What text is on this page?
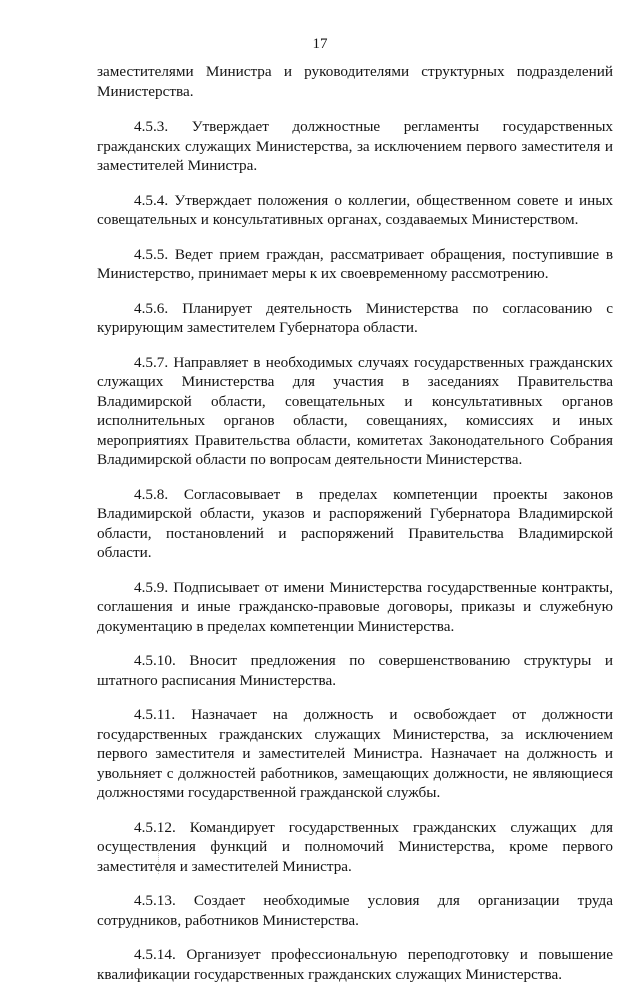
17

заместителями Министра и руководителями структурных подразделений Министерства.

4.5.3. Утверждает должностные регламенты государственных гражданских служащих Министерства, за исключением первого заместителя и заместителей Министра.

4.5.4. Утверждает положения о коллегии, общественном совете и иных совещательных и консультативных органах, создаваемых Министерством.

4.5.5. Ведет прием граждан, рассматривает обращения, поступившие в Министерство, принимает меры к их своевременному рассмотрению.

4.5.6. Планирует деятельность Министерства по согласованию с курирующим заместителем Губернатора области.

4.5.7. Направляет в необходимых случаях государственных гражданских служащих Министерства для участия в заседаниях Правительства Владимирской области, совещательных и консультативных органов исполнительных органов области, совещаниях, комиссиях и иных мероприятиях Правительства области, комитетах Законодательного Собрания Владимирской области по вопросам деятельности Министерства.

4.5.8. Согласовывает в пределах компетенции проекты законов Владимирской области, указов и распоряжений Губернатора Владимирской области, постановлений и распоряжений Правительства Владимирской области.

4.5.9. Подписывает от имени Министерства государственные контракты, соглашения и иные гражданско-правовые договоры, приказы и служебную документацию в пределах компетенции Министерства.

4.5.10. Вносит предложения по совершенствованию структуры и штатного расписания Министерства.

4.5.11. Назначает на должность и освобождает от должности государственных гражданских служащих Министерства, за исключением первого заместителя и заместителей Министра. Назначает на должность и увольняет с должностей работников, замещающих должности, не являющиеся должностями государственной гражданской службы.

4.5.12. Командирует государственных гражданских служащих для осуществления функций и полномочий Министерства, кроме первого заместителя и заместителей Министра.

4.5.13. Создает необходимые условия для организации труда сотрудников, работников Министерства.

4.5.14. Организует профессиональную переподготовку и повышение квалификации государственных гражданских служащих Министерства.
